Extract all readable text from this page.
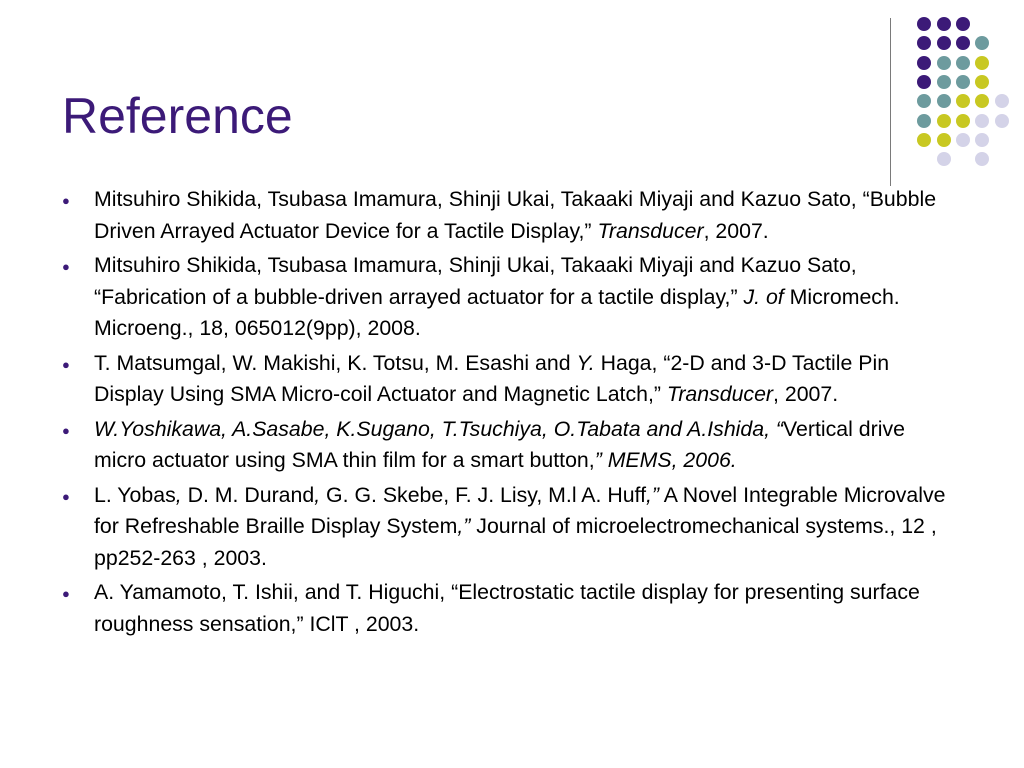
Reference
● Mitsuhiro Shikida, Tsubasa Imamura, Shinji Ukai, Takaaki Miyaji and Kazuo Sato, “Bubble Driven Arrayed Actuator Device for a Tactile Display,” Transducer, 2007.
● Mitsuhiro Shikida, Tsubasa Imamura, Shinji Ukai, Takaaki Miyaji and Kazuo Sato, “Fabrication of a bubble-driven arrayed actuator for a tactile display,” J. of Micromech. Microeng., 18, 065012(9pp), 2008.
● T. Matsumgal, W. Makishi, K. Totsu, M. Esashi and Y. Haga, “2-D and 3-D Tactile Pin Display Using SMA Micro-coil Actuator and Magnetic Latch,” Transducer, 2007.
● W.Yoshikawa, A.Sasabe, K.Sugano, T.Tsuchiya, O.Tabata and A.Ishida, “Vertical drive micro actuator using SMA thin film for a smart button,” MEMS, 2006.
● L. Yobas, D. M. Durand, G. G. Skebe, F. J. Lisy, M.l A. Huff,” A Novel Integrable Microvalve for Refreshable Braille Display System,” Journal of microelectromechanical systems., 12 , pp252-263 , 2003.
● A. Yamamoto, T. Ishii, and T. Higuchi, “Electrostatic tactile display for presenting surface roughness sensation,” IClT , 2003.
